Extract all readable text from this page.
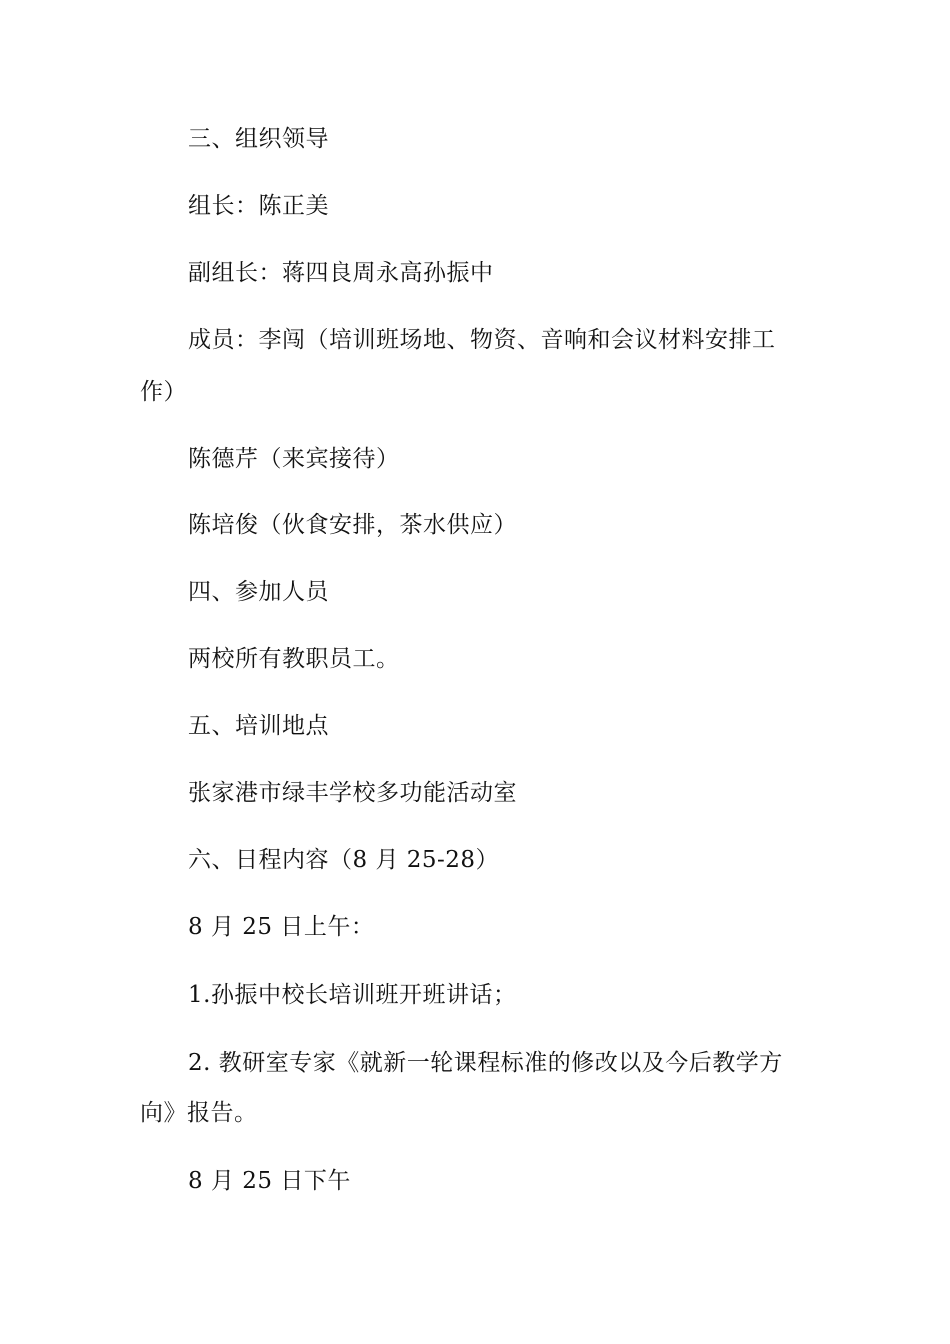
三、组织领导
组长：陈正美
副组长：蒋四良周永高孙振中
成员：李闯（培训班场地、物资、音响和会议材料安排工
作）
陈德芹（来宾接待）
陈培俊（伙食安排，茶水供应）
四、参加人员
两校所有教职员工。
五、培训地点
张家港市绿丰学校多功能活动室
六、日程内容（8 月 25-28）
8 月 25 日上午：
1.孙振中校长培训班开班讲话；
2. 教研室专家《就新一轮课程标准的修改以及今后教学方
向》报告。
8 月 25 日下午
